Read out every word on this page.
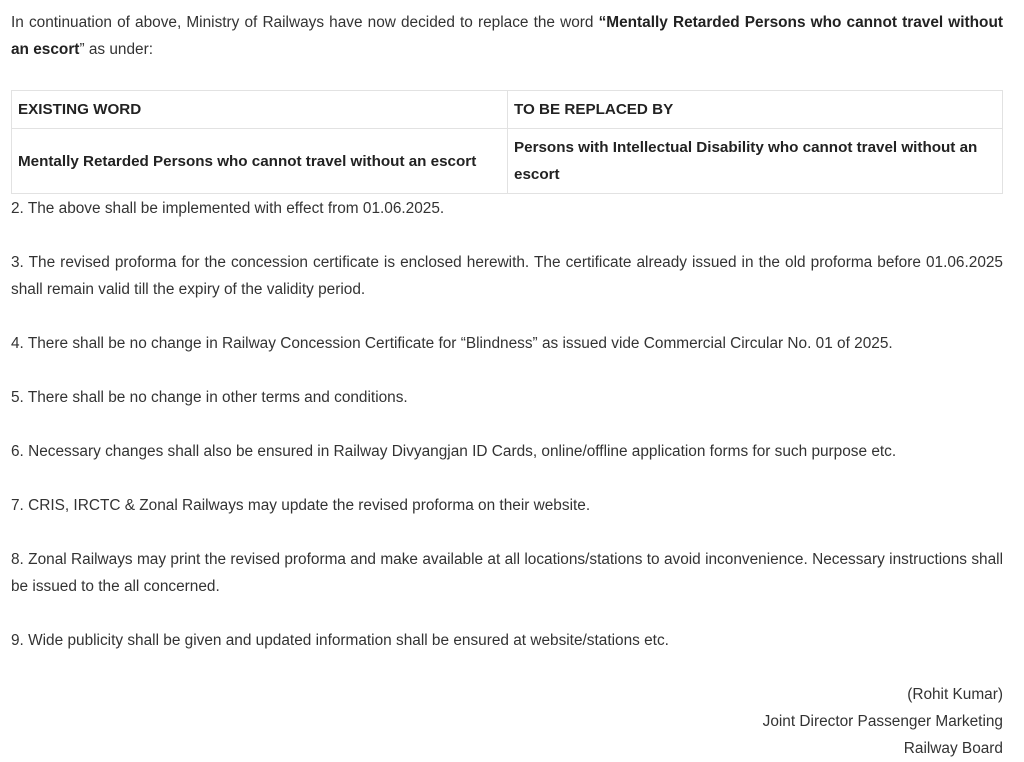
In continuation of above, Ministry of Railways have now decided to replace the word “Mentally Retarded Persons who cannot travel without an escort” as under:

EXISTING WORD	TO BE REPLACED BY
Mentally Retarded Persons who cannot travel without an escort	Persons with Intellectual Disability who cannot travel without an escort

2. The above shall be implemented with effect from 01.06.2025.

3. The revised proforma for the concession certificate is enclosed herewith. The certificate already issued in the old proforma before 01.06.2025 shall remain valid till the expiry of the validity period.

4. There shall be no change in Railway Concession Certificate for “Blindness” as issued vide Commercial Circular No. 01 of 2025.

5. There shall be no change in other terms and conditions.

6. Necessary changes shall also be ensured in Railway Divyangjan ID Cards, online/offline application forms for such purpose etc.

7. CRIS, IRCTC & Zonal Railways may update the revised proforma on their website.

8. Zonal Railways may print the revised proforma and make available at all locations/stations to avoid inconvenience. Necessary instructions shall be issued to the all concerned.

9. Wide publicity shall be given and updated information shall be ensured at website/stations etc.

(Rohit Kumar)
Joint Director Passenger Marketing
Railway Board
